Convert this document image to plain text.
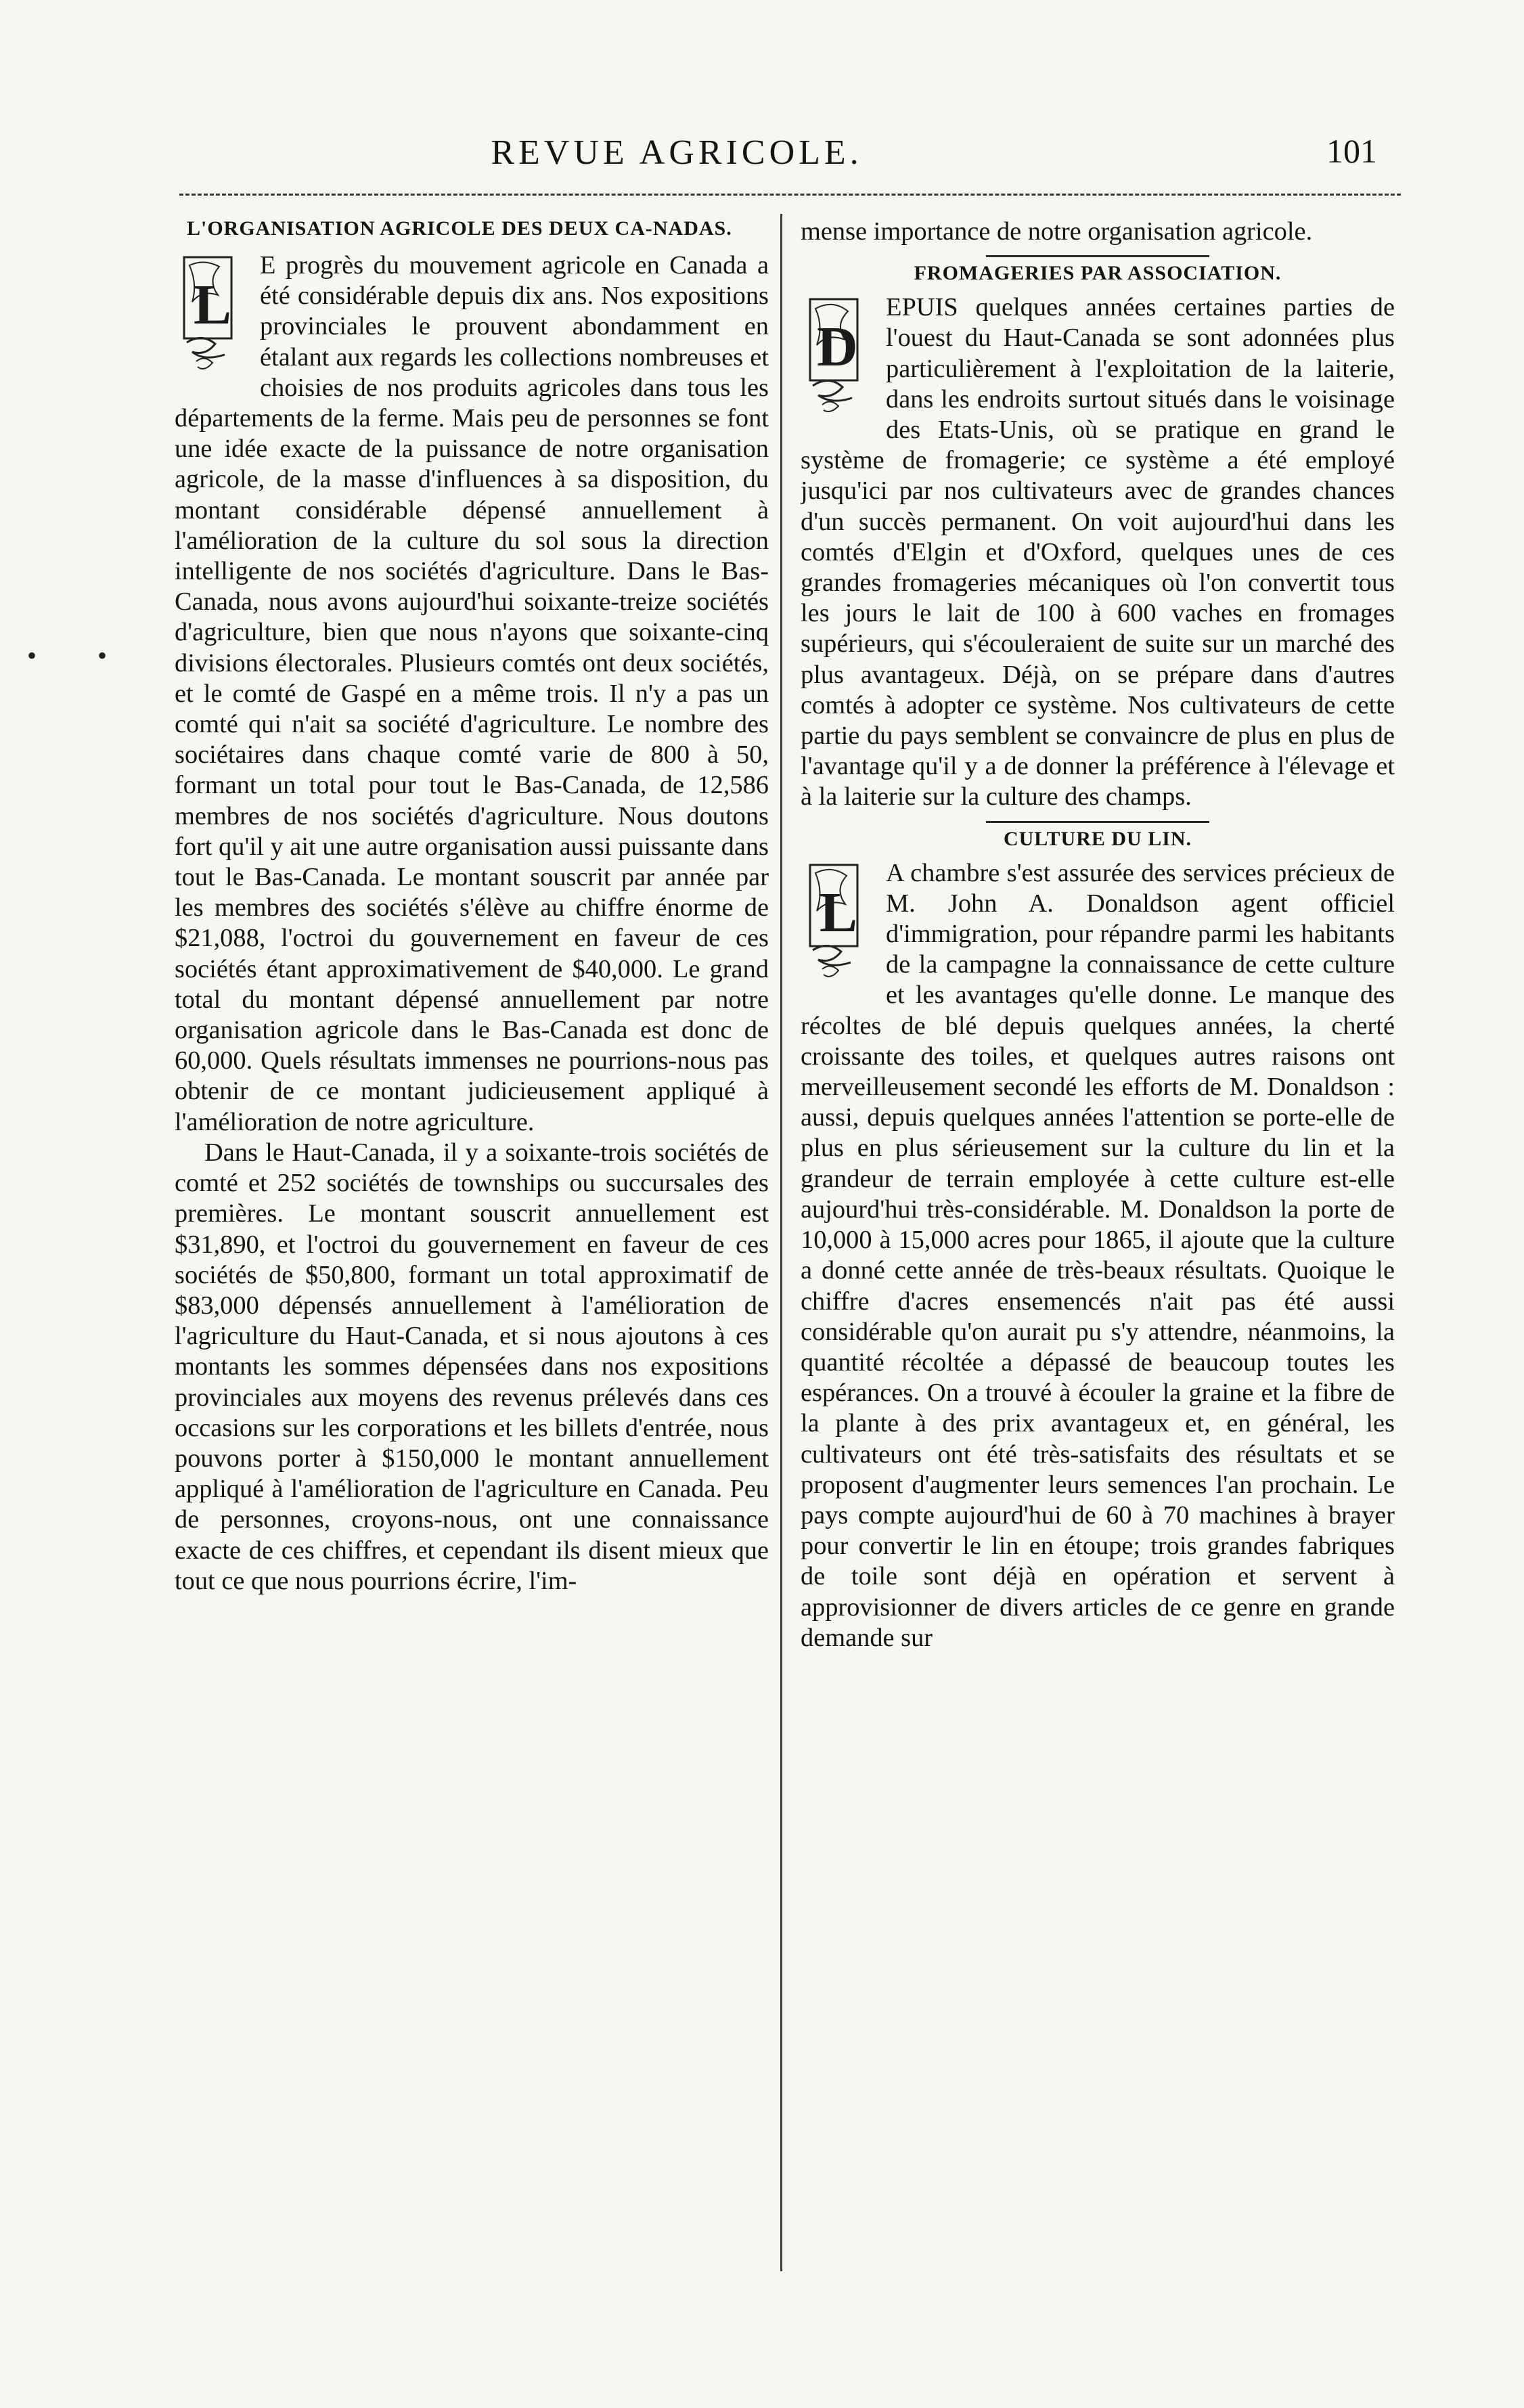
REVUE AGRICOLE.	101
• •
L'ORGANISATION AGRICOLE DES DEUX CA-NADAS.

L
E progrès du mouvement agricole en Canada a été considérable depuis dix ans. Nos expositions provinciales le prouvent abondamment en étalant aux regards les collections nombreuses et choisies de nos produits agricoles dans tous les départements de la ferme. Mais peu de personnes se font une idée exacte de la puissance de notre organisation agricole, de la masse d'influences à sa disposition, du montant considérable dépensé annuellement à l'amélioration de la culture du sol sous la direction intelligente de nos sociétés d'agriculture. Dans le Bas-Canada, nous avons aujourd'hui soixante-treize sociétés d'agriculture, bien que nous n'ayons que soixante-cinq divisions électorales. Plusieurs comtés ont deux sociétés, et le comté de Gaspé en a même trois. Il n'y a pas un comté qui n'ait sa société d'agriculture. Le nombre des sociétaires dans chaque comté varie de 800 à 50, formant un total pour tout le Bas-Canada, de 12,586 membres de nos sociétés d'agriculture. Nous doutons fort qu'il y ait une autre organisation aussi puissante dans tout le Bas-Canada. Le montant souscrit par année par les membres des sociétés s'élève au chiffre énorme de $21,088, l'octroi du gouvernement en faveur de ces sociétés étant approximativement de $40,000. Le grand total du montant dépensé annuellement par notre organisation agricole dans le Bas-Canada est donc de 60,000. Quels résultats immenses ne pourrions-nous pas obtenir de ce montant judicieusement appliqué à l'amélioration de notre agriculture.

Dans le Haut-Canada, il y a soixante-trois sociétés de comté et 252 sociétés de townships ou succursales des premières. Le montant souscrit annuellement est $31,890, et l'octroi du gouvernement en faveur de ces sociétés de $50,800, formant un total approximatif de $83,000 dépensés annuellement à l'amélioration de l'agriculture du Haut-Canada, et si nous ajoutons à ces montants les sommes dépensées dans nos expositions provinciales aux moyens des revenus prélevés dans ces occasions sur les corporations et les billets d'entrée, nous pouvons porter à $150,000 le montant annuellement appliqué à l'amélioration de l'agriculture en Canada. Peu de personnes, croyons-nous, ont une connaissance exacte de ces chiffres, et cependant ils disent mieux que tout ce que nous pourrions écrire, l'im-

mense importance de notre organisation agricole.

FROMAGERIES PAR ASSOCIATION.

D
EPUIS quelques années certaines parties de l'ouest du Haut-Canada se sont adonnées plus particulièrement à l'exploitation de la laiterie, dans les endroits surtout situés dans le voisinage des Etats-Unis, où se pratique en grand le système de fromagerie; ce système a été employé jusqu'ici par nos cultivateurs avec de grandes chances d'un succès permanent. On voit aujourd'hui dans les comtés d'Elgin et d'Oxford, quelques unes de ces grandes fromageries mécaniques où l'on convertit tous les jours le lait de 100 à 600 vaches en fromages supérieurs, qui s'écouleraient de suite sur un marché des plus avantageux. Déjà, on se prépare dans d'autres comtés à adopter ce système. Nos cultivateurs de cette partie du pays semblent se convaincre de plus en plus de l'avantage qu'il y a de donner la préférence à l'élevage et à la laiterie sur la culture des champs.

CULTURE DU LIN.

L
A chambre s'est assurée des services précieux de M. John A. Donaldson agent officiel d'immigration, pour répandre parmi les habitants de la campagne la connaissance de cette culture et les avantages qu'elle donne. Le manque des récoltes de blé depuis quelques années, la cherté croissante des toiles, et quelques autres raisons ont merveilleusement secondé les efforts de M. Donaldson : aussi, depuis quelques années l'attention se porte-elle de plus en plus sérieusement sur la culture du lin et la grandeur de terrain employée à cette culture est-elle aujourd'hui très-considérable. M. Donaldson la porte de 10,000 à 15,000 acres pour 1865, il ajoute que la culture a donné cette année de très-beaux résultats. Quoique le chiffre d'acres ensemencés n'ait pas été aussi considérable qu'on aurait pu s'y attendre, néanmoins, la quantité récoltée a dépassé de beaucoup toutes les espérances. On a trouvé à écouler la graine et la fibre de la plante à des prix avantageux et, en général, les cultivateurs ont été très-satisfaits des résultats et se proposent d'augmenter leurs semences l'an prochain. Le pays compte aujourd'hui de 60 à 70 machines à brayer pour convertir le lin en étoupe; trois grandes fabriques de toile sont déjà en opération et servent à approvisionner de divers articles de ce genre en grande demande sur
